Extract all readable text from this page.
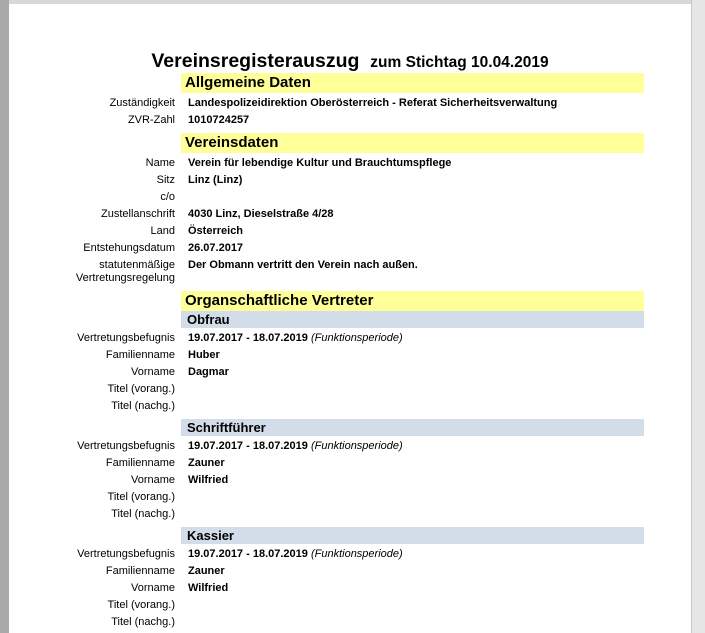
Vereinsregisterauszug zum Stichtag 10.04.2019
Allgemeine Daten
Zuständigkeit Landespolizeidirektion Oberösterreich - Referat Sicherheitsverwaltung
ZVR-Zahl 1010724257
Vereinsdaten
Name Verein für lebendige Kultur und Brauchtumspflege
Sitz Linz (Linz)
c/o
Zustellanschrift 4030 Linz, Dieselstraße 4/28
Land Österreich
Entstehungsdatum 26.07.2017
statutenmäßige
Vertretungsregelung
Der Obmann vertritt den Verein nach außen.
Organschaftliche Vertreter
Obfrau
Vertretungsbefugnis 19.07.2017 - 18.07.2019 (Funktionsperiode)
Familienname Huber
Vorname Dagmar
Titel (vorang.)
Titel (nachg.)
Schriftführer
Vertretungsbefugnis 19.07.2017 - 18.07.2019 (Funktionsperiode)
Familienname Zauner
Vorname Wilfried
Titel (vorang.)
Titel (nachg.)
Kassier
Vertretungsbefugnis 19.07.2017 - 18.07.2019 (Funktionsperiode)
Familienname Zauner
Vorname Wilfried
Titel (vorang.)
Titel (nachg.)
